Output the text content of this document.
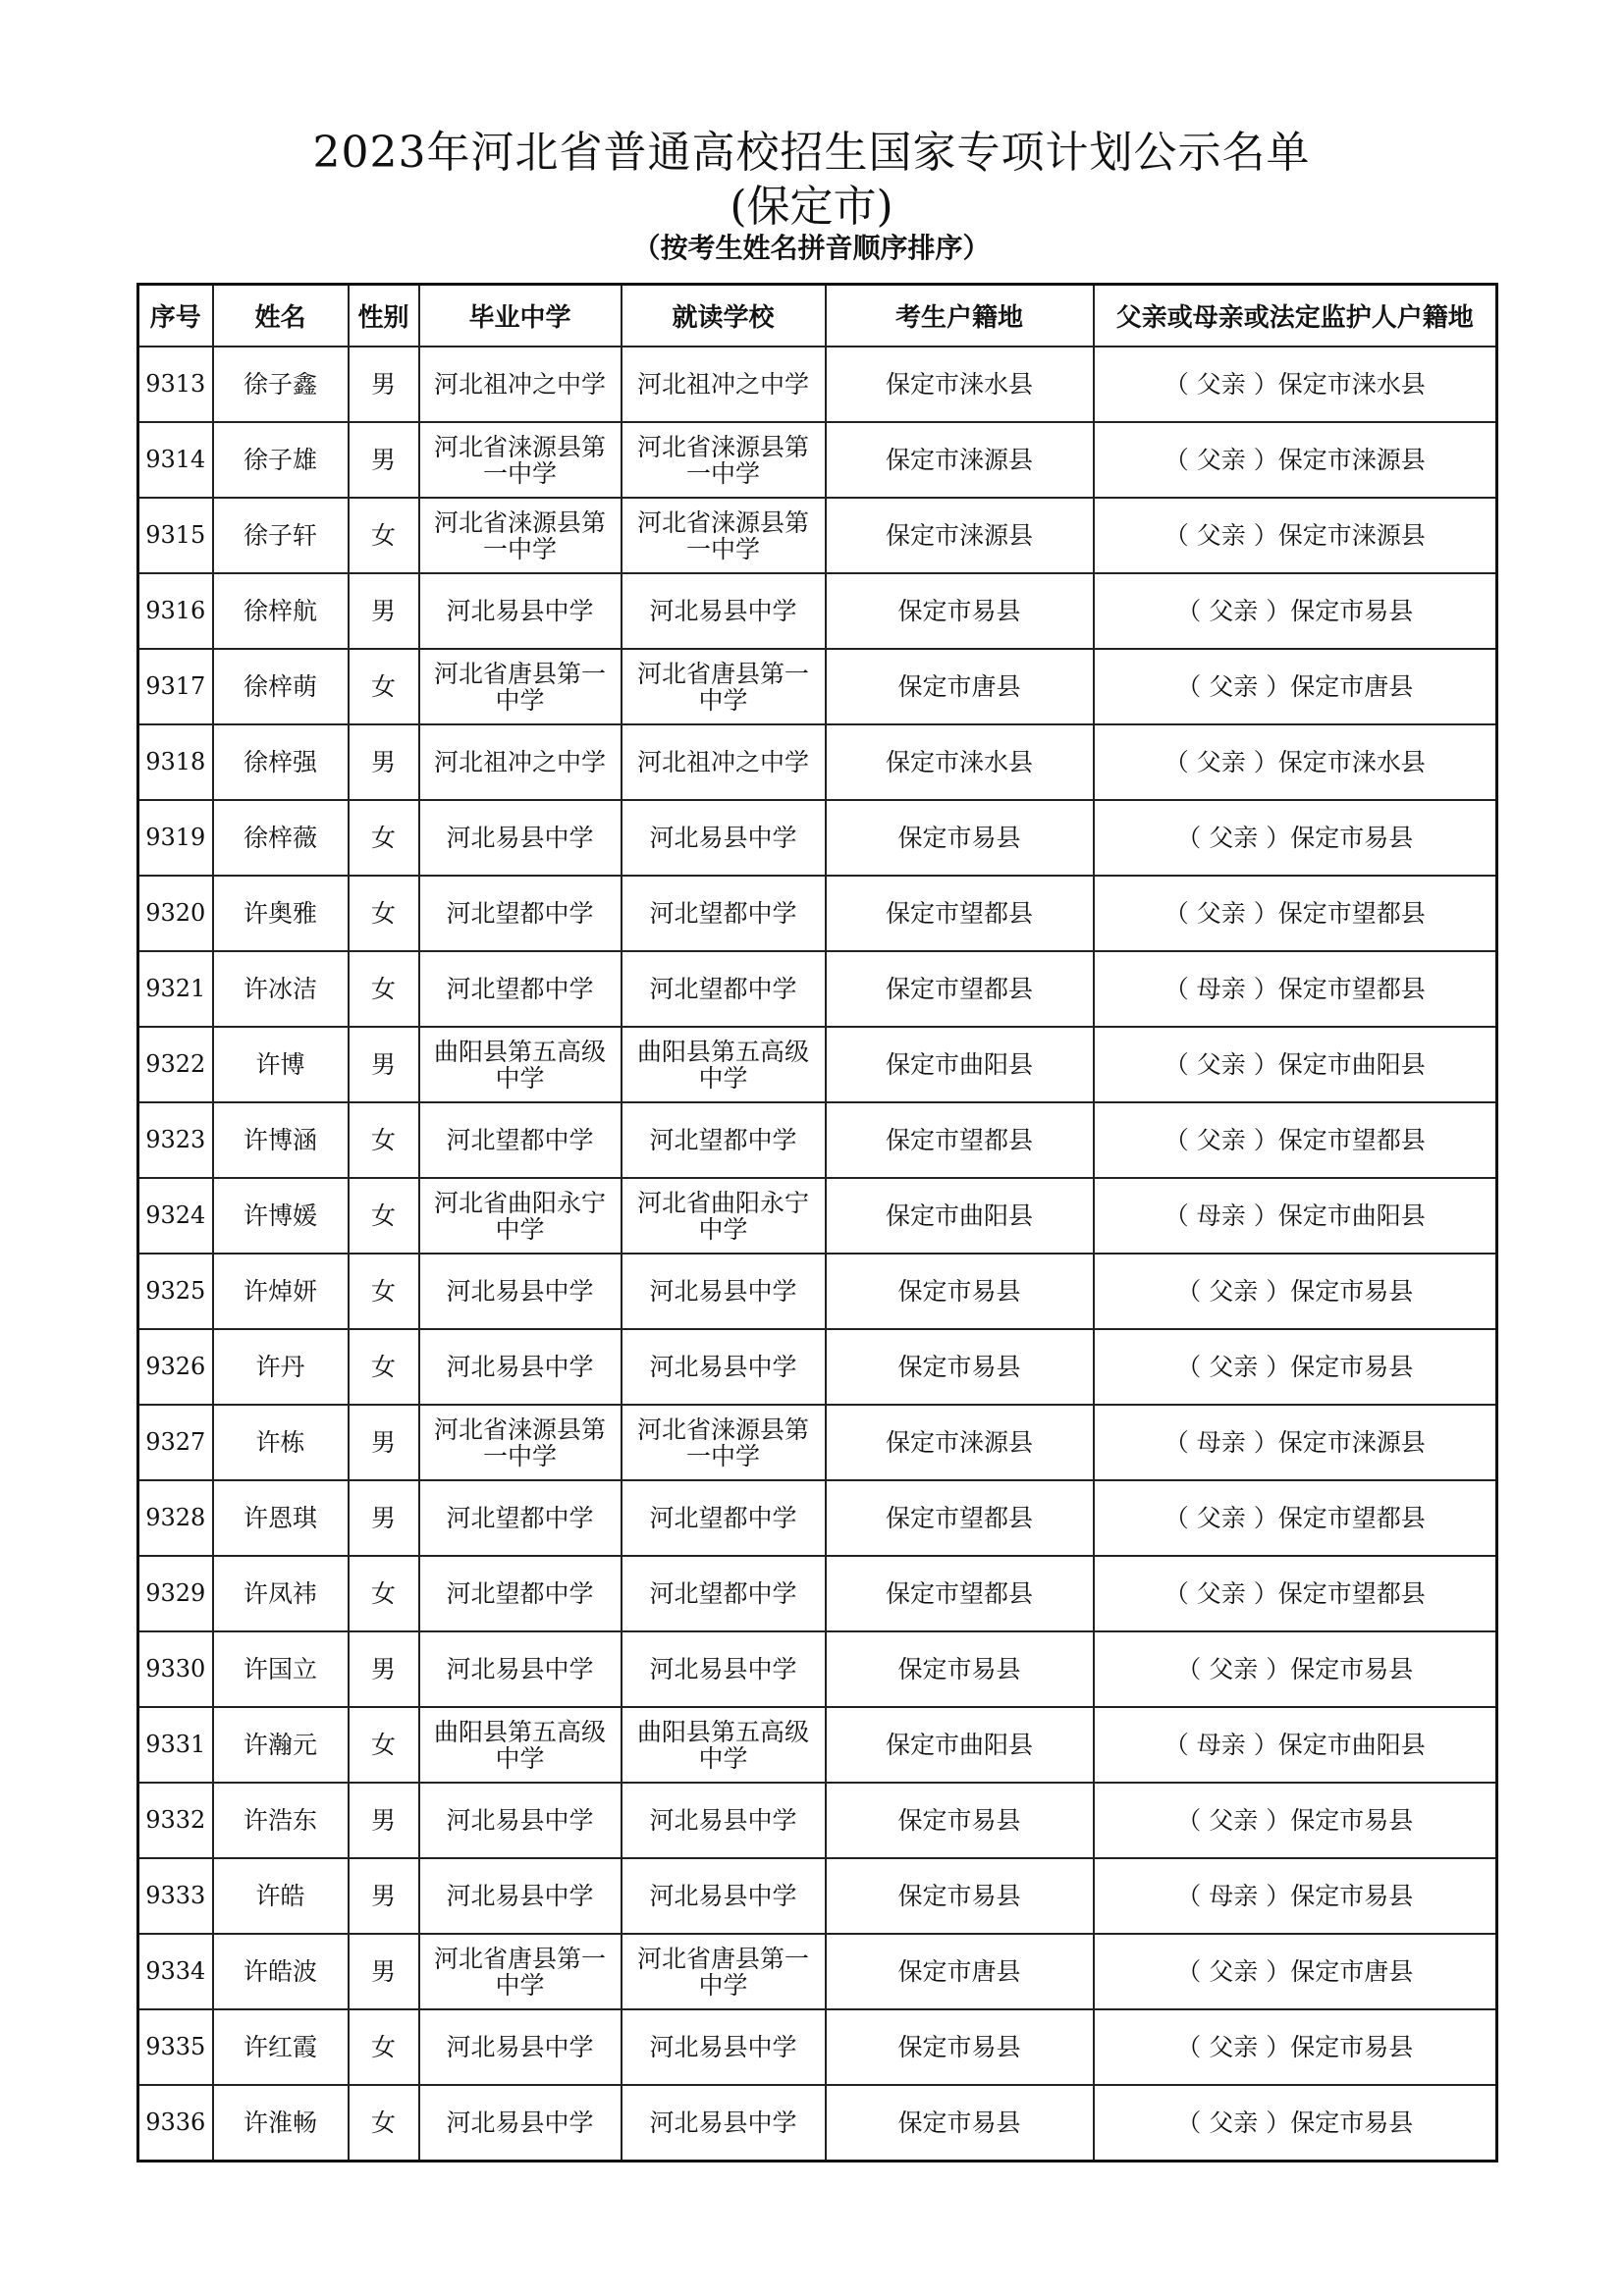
2023年河北省普通高校招生国家专项计划公示名单
(保定市)
（按考生姓名拼音顺序排序）
序号	姓名	性别	毕业中学	就读学校	考生户籍地	父亲或母亲或法定监护人户籍地
9313	徐子鑫	男	河北祖冲之中学	河北祖冲之中学	保定市涞水县	（ 父亲 ）保定市涞水县
9314	徐子雄	男	河北省涞源县第一中学	河北省涞源县第一中学	保定市涞源县	（ 父亲 ）保定市涞源县
9315	徐子轩	女	河北省涞源县第一中学	河北省涞源县第一中学	保定市涞源县	（ 父亲 ）保定市涞源县
9316	徐梓航	男	河北易县中学	河北易县中学	保定市易县	（ 父亲 ）保定市易县
9317	徐梓萌	女	河北省唐县第一中学	河北省唐县第一中学	保定市唐县	（ 父亲 ）保定市唐县
9318	徐梓强	男	河北祖冲之中学	河北祖冲之中学	保定市涞水县	（ 父亲 ）保定市涞水县
9319	徐梓薇	女	河北易县中学	河北易县中学	保定市易县	（ 父亲 ）保定市易县
9320	许奥雅	女	河北望都中学	河北望都中学	保定市望都县	（ 父亲 ）保定市望都县
9321	许冰洁	女	河北望都中学	河北望都中学	保定市望都县	（ 母亲 ）保定市望都县
9322	许博	男	曲阳县第五高级中学	曲阳县第五高级中学	保定市曲阳县	（ 父亲 ）保定市曲阳县
9323	许博涵	女	河北望都中学	河北望都中学	保定市望都县	（ 父亲 ）保定市望都县
9324	许博媛	女	河北省曲阳永宁中学	河北省曲阳永宁中学	保定市曲阳县	（ 母亲 ）保定市曲阳县
9325	许焯妍	女	河北易县中学	河北易县中学	保定市易县	（ 父亲 ）保定市易县
9326	许丹	女	河北易县中学	河北易县中学	保定市易县	（ 父亲 ）保定市易县
9327	许栋	男	河北省涞源县第一中学	河北省涞源县第一中学	保定市涞源县	（ 母亲 ）保定市涞源县
9328	许恩琪	男	河北望都中学	河北望都中学	保定市望都县	（ 父亲 ）保定市望都县
9329	许凤祎	女	河北望都中学	河北望都中学	保定市望都县	（ 父亲 ）保定市望都县
9330	许国立	男	河北易县中学	河北易县中学	保定市易县	（ 父亲 ）保定市易县
9331	许瀚元	女	曲阳县第五高级中学	曲阳县第五高级中学	保定市曲阳县	（ 母亲 ）保定市曲阳县
9332	许浩东	男	河北易县中学	河北易县中学	保定市易县	（ 父亲 ）保定市易县
9333	许皓	男	河北易县中学	河北易县中学	保定市易县	（ 母亲 ）保定市易县
9334	许皓波	男	河北省唐县第一中学	河北省唐县第一中学	保定市唐县	（ 父亲 ）保定市唐县
9335	许红霞	女	河北易县中学	河北易县中学	保定市易县	（ 父亲 ）保定市易县
9336	许淮畅	女	河北易县中学	河北易县中学	保定市易县	（ 父亲 ）保定市易县
